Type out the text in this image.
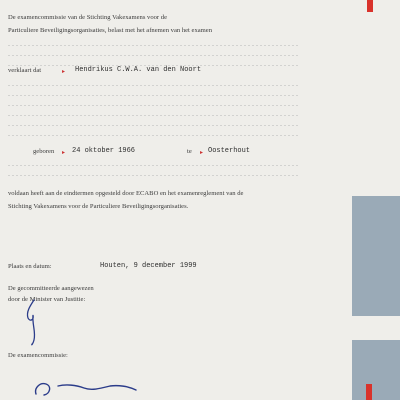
De examencommissie van de Stichting Vakexamens voor de
Particuliere Beveiligingsorganisaties, belast met het afnemen van het examen
verklaart dat	▸ Hendrikus C.W.A. van den Noort
geboren ▸ 24 oktober 1966	te ▸ Oosterhout
voldaan heeft aan de eindtermen opgesteld door ECABO en het examenreglement van de
Stichting Vakexamens voor de Particuliere Beveiligingsorganisaties.
Plaats en datum:	Houten, 9 december 1999
De gecommitteerde aangewezen
door de Minister van Justitie:
De examencommissie:
